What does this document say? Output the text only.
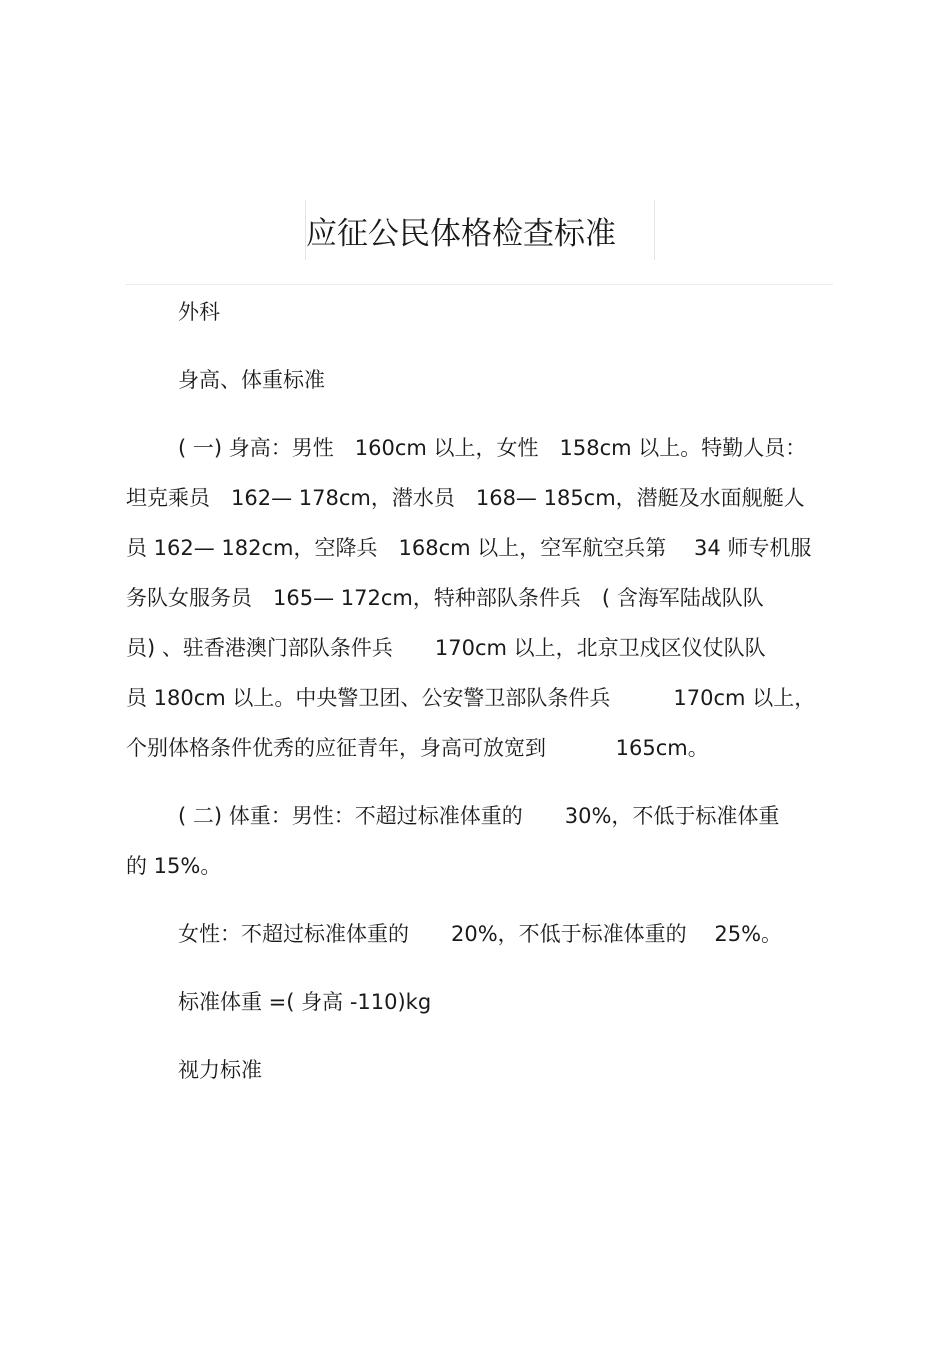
应征公民体格检查标准

外科

身高、体重标准

( 一) 身高：男性　160cm 以上，女性　158cm 以上。特勤人员：
坦克乘员　162— 178cm，潜水员　168— 185cm，潜艇及水面舰艇人
员 162— 182cm，空降兵　168cm 以上，空军航空兵第　 34 师专机服
务队女服务员　165— 172cm，特种部队条件兵　( 含海军陆战队队
员) 、驻香港澳门部队条件兵　　170cm 以上，北京卫戍区仪仗队队
员 180cm 以上。中央警卫团、公安警卫部队条件兵　　　170cm 以上，
个别体格条件优秀的应征青年，身高可放宽到　　　 165cm。

( 二) 体重：男性：不超过标准体重的　　30%，不低于标准体重
的 15%。

女性：不超过标准体重的　　20%，不低于标准体重的　 25%。

标准体重 =( 身高 -110)kg

视力标准
